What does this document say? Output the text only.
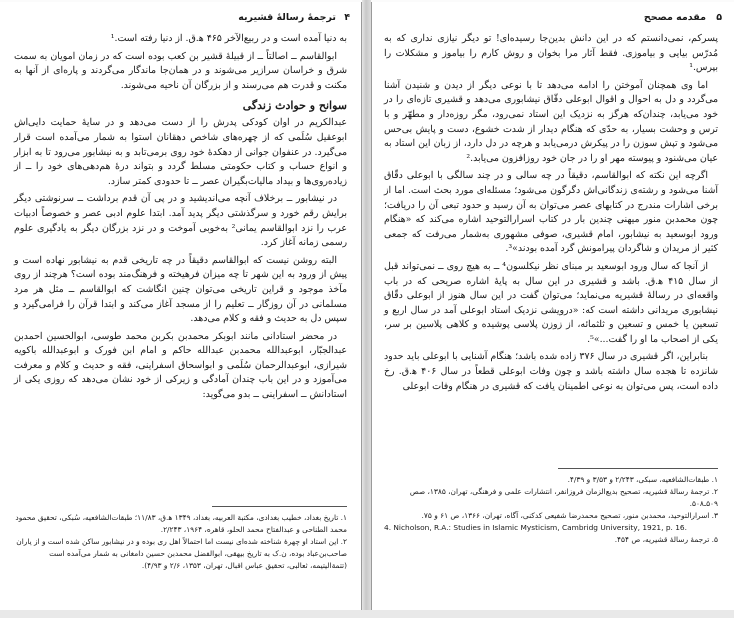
۴
ترجمهٔ رسالهٔ قشیریه

به دنیا آمده است و در ربیع‌الآخر ۴۶۵ ه‍.ق. از دنیا رفته است.¹

ابوالقاسم ــ اصالتاً ــ از قبیلهٔ قشیر بن کعب بوده است که در زمان امویان به سمت شرق و خراسان سرازیر می‌شوند و در همان‌جا ماندگار می‌گردند و پاره‌ای از آنها به مکنت و قدرت هم می‌رسند و از بزرگان آن ناحیه می‌شوند.

سوانح و حوادث زندگی

عبدالکریم در اوان کودکی پدرش را از دست می‌دهد و در سایهٔ حمایت دایی‌اش ابوعقیل سُلَمی که از چهره‌های شاخص دهقانان استوا به شمار می‌آمده است قرار می‌گیرد. در عنفوان جوانی از دهکدهٔ خود روی برمی‌تابد و به نیشابور می‌رود تا به ابزار و انواع حساب و کتاب حکومتی مسلط گردد و بتواند درهٔ هم‌دهی‌های خود را ــ از زیاده‌روی‌ها و بیداد مالیات‌بگیران عصر ــ تا حدودی کمتر سازد.

در نیشابور ــ برخلاف آنچه می‌اندیشید و در پی آن قدم برداشت ــ سرنوشتی دیگر برایش رقم خورد و سرگذشتی دیگر پدید آمد. ابتدا علوم ادبی عصر و خصوصاً ادبیات عرب را نزد ابوالقاسم یمانی² به‌خوبی آموخت و در نزد بزرگان دیگر به یادگیری علوم رسمی زمانه آغاز کرد.

البته روشن نیست که ابوالقاسم دقیقاً در چه تاریخی قدم به نیشابور نهاده است و پیش از ورود به این شهر تا چه میزان فرهیخته و فرهنگ‌مند بوده است؟ هرچند از روی مآخذ موجود و قراین تاریخی می‌توان چنین انگاشت که ابوالقاسم ــ مثل هر مرد مسلمانی در آن روزگار ــ تعلیم را از مسجد آغاز می‌کند و ابتدا قرآن را فرامی‌گیرد و سپس دل به حدیث و فقه و کلام می‌دهد.

در محضر استادانی مانند ابوبکر محمدبن بکربن محمد طوسی، ابوالحسین احمدبن عبدالجبّار، ابوعبدالله محمدبن عبدالله حاکم و امام ابن فورک و ابوعبدالله باکویه شیرازی، ابوعبدالرحمان سُلَمی و ابواسحاق اسفراینی، فقه و حدیث و کلام و معرفت می‌آموزد و در این باب چندان آمادگی و زیرکی از خود نشان می‌دهد که روزی یکی از استادانش ــ اسفراینی ــ بدو می‌گوید:

۱. تاریخ بغداد، خطیب بغدادی، مکتبة العربیه، بغداد، ۱۳۴۹ ه‍.ق، ۱۱/۸۳؛ طبقات‌الشافعیه، سُبکی، تحقیق محمود محمد الطناحی و عبدالفتاح محمد الحلو، قاهره، ۱۹۶۴، ۲/۲۴۳.
۲. این استاد او چهرهٔ شناخته شده‌ای نیست اما احتمالاً اهل ری بوده و در نیشابور ساکن شده است و از یاران صاحب‌بن‌عباد بوده، ن.ک به تاریخ بیهقی، ابوالفضل محمدبن حسین دامغانی به شمار می‌آمده است (تتمة‌الیتیمه، ثعالبی، تحقیق عباس اقبال، تهران، ۱۳۵۳، ۲/۶ و ۴/۹۳).
۵
مقدمه مصحح

پسرکم، نمی‌دانستم که در این دانش بدین‌جا رسیده‌ای! تو دیگر نیازی نداری که به مُدرّس بیایی و بیاموزی. فقط آثار مرا بخوان و روش کارم را بیاموز و مشکلات را بپرس.¹

اما وی همچنان آموختن را ادامه می‌دهد تا با نوعی دیگر از دیدن و شنیدن آشنا می‌گردد و دل به احوال و اقوال ابوعلی دقّاق نیشابوری می‌دهد و قشیری تازه‌ای را در خود می‌یابد، چندان‌که هرگز به نزدیک این استاد نمی‌رود، مگر روزه‌دار و مطهّر و با ترس و وحشت بسیار، به حدّی که هنگام دیدار از شدت خشوع، دست و پایش بی‌حس می‌شود و تپش سوزن را در پیکرش درمی‌یابد و هرچه در دل دارد، از زبان این استاد به عیان می‌شنود و پیوسته مهر او را در جان خود روزافزون می‌یابد.²

اگرچه این نکته که ابوالقاسم، دقیقاً در چه سالی و در چند سالگی با ابوعلی دقّاق آشنا می‌شود و رشته‌ی زندگانی‌اش دگرگون می‌شود؛ مسئله‌ای مورد بحث است. اما از برخی اشارات مندرج در کتابهای عصر می‌توان به آن رسید و حدود تبعی آن را دریافت؛ چون محمدبن منور میهنی چندین بار در کتاب اسرارالتوحید اشاره می‌کند که «هنگام ورود ابوسعید به نیشابور، امام قشیری، صوفی مشهوری به‌شمار می‌رفت که جمعی کثیر از مریدان و شاگردان پیرامونش گرد آمده بودند»³.

از آنجا که سال ورود ابوسعید بر مبنای نظر نیکلسون⁴ ــ به هیچ روی ــ نمی‌تواند قبل از سال ۴۱۵ ه‍.ق. باشد و قشیری در این سال به پایهٔ اشاره صریحی که در باب واقعه‌ای در رسالهٔ قشیریه می‌نماید؛ می‌توان گفت در این سال هنوز از ابوعلی دقّاق نیشابوری مریدانی داشته است که: «درویشی نزدیک استاد ابوعلی آمد در سال اربع و تسعین یا خمس و تسعین و ثلثمائه، از زوزن پلاسی پوشیده و کلاهی پلاسین بر سر، یکی از اصحاب ما او را گفت...»⁵.

بنابراین، اگر قشیری در سال ۳۷۶ زاده شده باشد؛ هنگام آشنایی با ابوعلی باید حدود شانزده تا هجده سال داشته باشد و چون وفات ابوعلی قطعاً در سال ۴۰۶ ه‍.ق. رخ داده است، پس می‌توان به نوعی اطمینان یافت که قشیری در هنگام وفات ابوعلی

۱. طبقات‌الشافعیه، سبکی، ۲/۲۴۳ و ۳/۵۳ و ۴/۳۹.
۲. ترجمهٔ رسالهٔ قشیریه، تصحیح بدیع‌الزمان فروزانفر، انتشارات علمی و فرهنگی، تهران، ۱۳۸۵، صص ۵۰۹‍ـ۵۰۸.
۳. اسرارالتوحید، محمدبن منور، تصحیح محمدرضا شفیعی کدکنی، آگاه، تهران، ۱۳۶۶، ص ۶۱ و ۷۵.
4. Nicholson, R.A.: Studies in Islamic Mysticism, Cambridg University, 1921, p. 16.
۵. ترجمهٔ رسالهٔ قشیریه، ص ۴۵۴.
